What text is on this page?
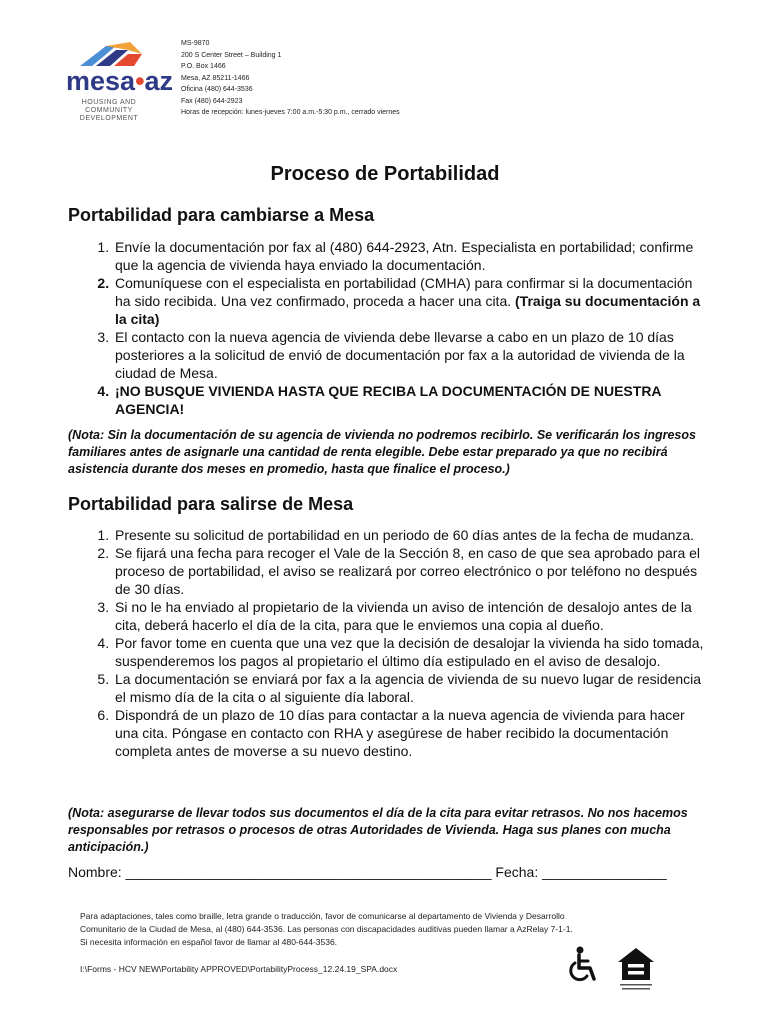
mesa•az
HOUSING AND COMMUNITY DEVELOPMENT
MS-9870
200 S Center Street – Building 1
P.O. Box 1466
Mesa, AZ 85211-1466
Oficina (480) 644-3536
Fax (480) 644-2923
Horas de recepción: lunes-jueves 7:00 a.m.-5:30 p.m., cerrado viernes
Proceso de Portabilidad
Portabilidad para cambiarse a Mesa
1. Envíe la documentación por fax al (480) 644-2923, Atn. Especialista en portabilidad; confirme que la agencia de vivienda haya enviado la documentación.
2. Comuníquese con el especialista en portabilidad (CMHA) para confirmar si la documentación ha sido recibida. Una vez confirmado, proceda a hacer una cita. (Traiga su documentación a la cita)
3. El contacto con la nueva agencia de vivienda debe llevarse a cabo en un plazo de 10 días posteriores a la solicitud de envió de documentación por fax a la autoridad de vivienda de la ciudad de Mesa.
4. ¡NO BUSQUE VIVIENDA HASTA QUE RECIBA LA DOCUMENTACIÓN DE NUESTRA AGENCIA!
(Nota: Sin la documentación de su agencia de vivienda no podremos recibirlo. Se verificarán los ingresos familiares antes de asignarle una cantidad de renta elegible. Debe estar preparado ya que no recibirá asistencia durante dos meses en promedio, hasta que finalice el proceso.)
Portabilidad para salirse de Mesa
1. Presente su solicitud de portabilidad en un periodo de 60 días antes de la fecha de mudanza.
2. Se fijará una fecha para recoger el Vale de la Sección 8, en caso de que sea aprobado para el proceso de portabilidad, el aviso se realizará por correo electrónico o por teléfono no después de 30 días.
3. Si no le ha enviado al propietario de la vivienda un aviso de intención de desalojo antes de la cita, deberá hacerlo el día de la cita, para que le enviemos una copia al dueño.
4. Por favor tome en cuenta que una vez que la decisión de desalojar la vivienda ha sido tomada, suspenderemos los pagos al propietario el último día estipulado en el aviso de desalojo.
5. La documentación se enviará por fax a la agencia de vivienda de su nuevo lugar de residencia el mismo día de la cita o al siguiente día laboral.
6. Dispondrá de un plazo de 10 días para contactar a la nueva agencia de vivienda para hacer una cita. Póngase en contacto con RHA y asegúrese de haber recibido la documentación completa antes de moverse a su nuevo destino.
(Nota: asegurarse de llevar todos sus documentos el día de la cita para evitar retrasos. No nos hacemos responsables por retrasos o procesos de otras Autoridades de Vivienda. Haga sus planes con mucha anticipación.)
Nombre: _______________________________________________ Fecha: ________________
Para adaptaciones, tales como braille, letra grande o traducción, favor de comunicarse al departamento de Vivienda y Desarrollo
Comunitario de la Ciudad de Mesa, al (480) 644-3536. Las personas con discapacidades auditivas pueden llamar a AzRelay 7-1-1.
Si necesita información en español favor de llamar al 480-644-3536.
I:\Forms - HCV NEW\Portability APPROVED\PortabilityProcess_12.24.19_SPA.docx
